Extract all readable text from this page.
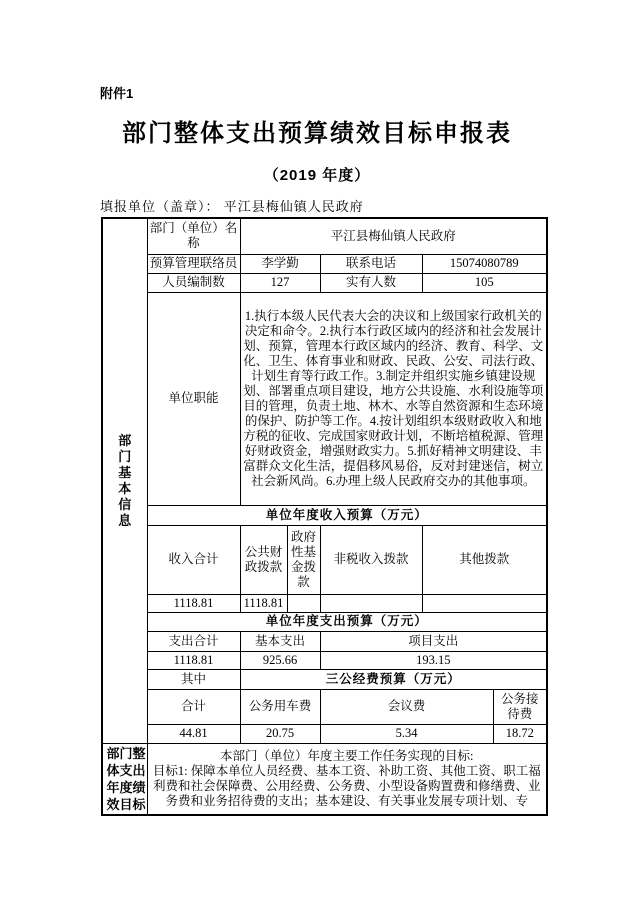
附件1
部门整体支出预算绩效目标申报表
（2019 年度）
填报单位（盖章）： 平江县梅仙镇人民政府
部门基本信息	部门（单位）名称	平江县梅仙镇人民政府				
	预算管理联络员	李学勤		联系电话	15074080789	
	人员编制数	127		实有人数	105	
	单位职能	1.执行本级人民代表大会的决议和上级国家行政机关的决定和命令。2.执行本行政区域内的经济和社会发展计划、预算，管理本行政区域内的经济、教育、科学、文化、卫生、体育事业和财政、民政、公安、司法行政、计划生育等行政工作。3.制定并组织实施乡镇建设规划、部署重点项目建设，地方公共设施、水利设施等项目的管理，负责土地、林木、水等自然资源和生态环境的保护、防护等工作。4.按计划组织本级财政收入和地方税的征收、完成国家财政计划，不断培植税源、管理好财政资金，增强财政实力。5.抓好精神文明建设、丰富群众文化生活，提倡移风易俗，反对封建迷信，树立社会新风尚。6.办理上级人民政府交办的其他事项。				
	单位年度收入预算（万元）					
	收入合计	公共财政拨款	政府性基金拨款	非税收入拨款	其他拨款	
	1118.81	1118.81				
	单位年度支出预算（万元）					
	支出合计	基本支出		项目支出		
	1118.81	925.66		193.15		
	其中	三公经费预算（万元）				
	合计	公务用车费		会议费		公务接待费
	44.81	20.75		5.34		18.72
部门整体支出年度绩效目标	本部门（单位）年度主要工作任务实现的目标:
目标1: 保障本单位人员经费、基本工资、补助工资、其他工资、职工福利费和社会保障费、公用经费、公务费、小型设备购置费和修缮费、业务费和业务招待费的支出；基本建设、有关事业发展专项计划、专					
